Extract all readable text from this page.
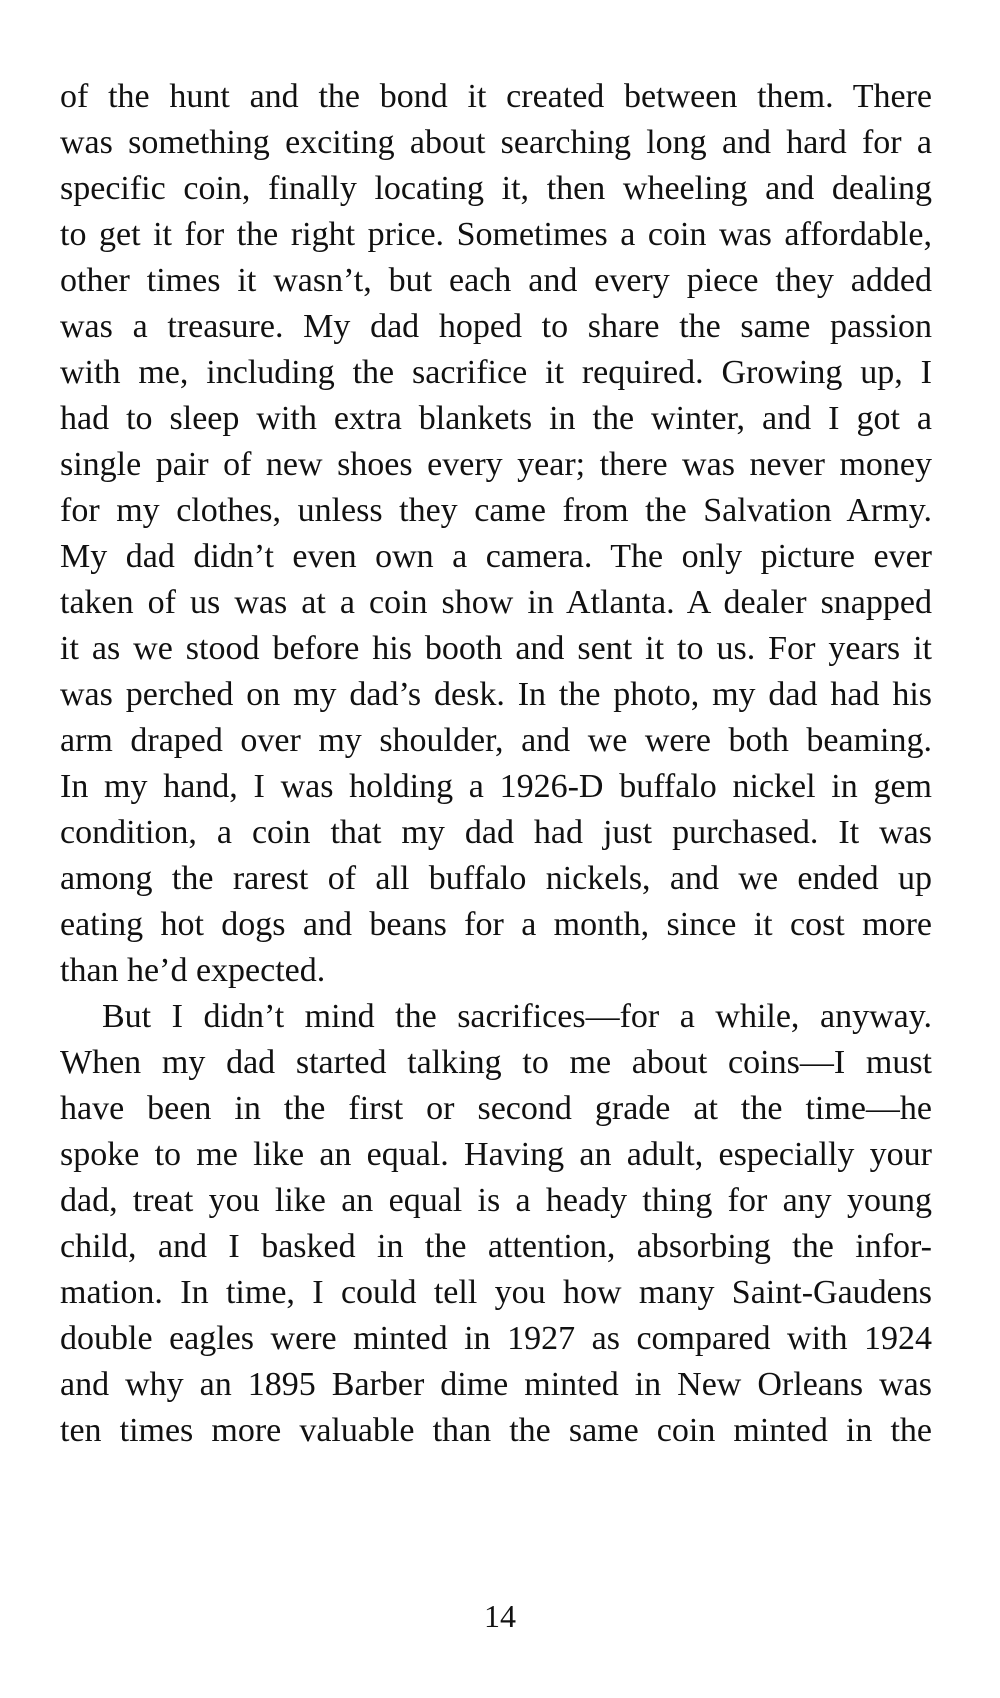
of the hunt and the bond it created between them. There
was something exciting about searching long and hard for a
specific coin, finally locating it, then wheeling and dealing
to get it for the right price. Sometimes a coin was affordable,
other times it wasn’t, but each and every piece they added
was a treasure. My dad hoped to share the same passion
with me, including the sacrifice it required. Growing up, I
had to sleep with extra blankets in the winter, and I got a
single pair of new shoes every year; there was never money
for my clothes, unless they came from the Salvation Army.
My dad didn’t even own a camera. The only picture ever
taken of us was at a coin show in Atlanta. A dealer snapped
it as we stood before his booth and sent it to us. For years it
was perched on my dad’s desk. In the photo, my dad had his
arm draped over my shoulder, and we were both beaming.
In my hand, I was holding a 1926-D buffalo nickel in gem
condition, a coin that my dad had just purchased. It was
among the rarest of all buffalo nickels, and we ended up
eating hot dogs and beans for a month, since it cost more
than he’d expected.
But I didn’t mind the sacrifices—for a while, anyway.
When my dad started talking to me about coins—I must
have been in the first or second grade at the time—he
spoke to me like an equal. Having an adult, especially your
dad, treat you like an equal is a heady thing for any young
child, and I basked in the attention, absorbing the infor-
mation. In time, I could tell you how many Saint-Gaudens
double eagles were minted in 1927 as compared with 1924
and why an 1895 Barber dime minted in New Orleans was
ten times more valuable than the same coin minted in the
14
